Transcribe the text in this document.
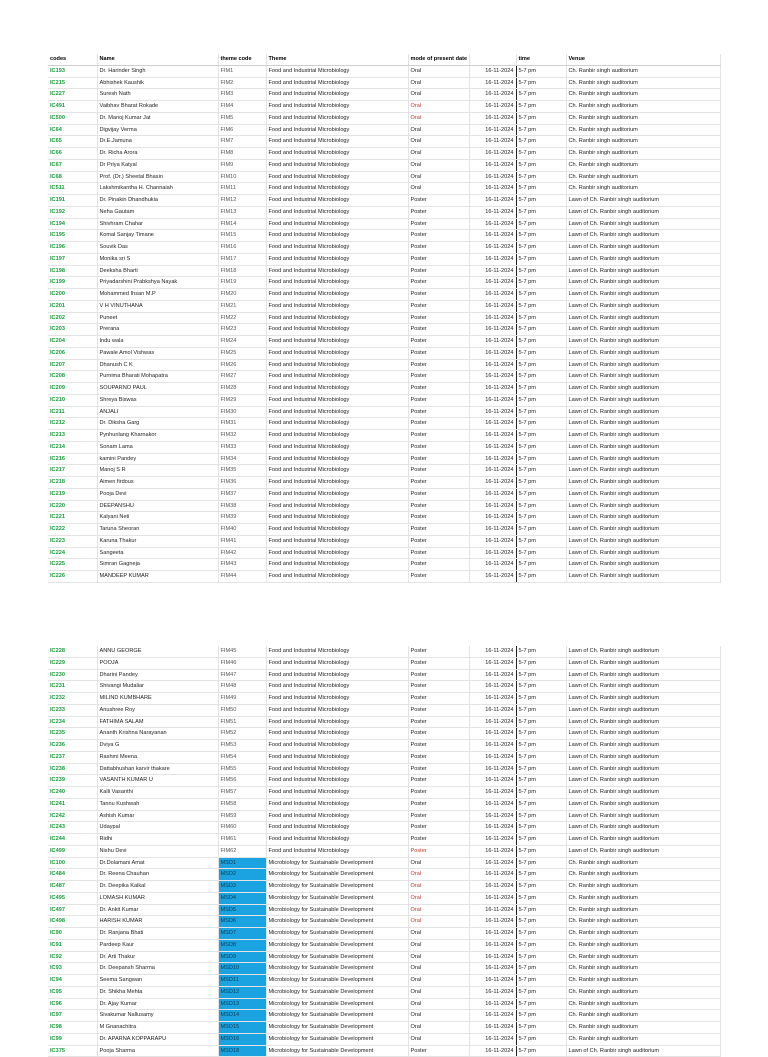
codes	Name	theme code	Theme	mode of present date		time	Venue
IC193	Dr. Harinder Singh	FIM1	Food and Industrial Microbiology	Oral	16-11-2024	5-7 pm	Ch. Ranbir singh auditorium
IC215	Abhishek Kaushik	FIM2	Food and Industrial Microbiology	Oral	16-11-2024	5-7 pm	Ch. Ranbir singh auditorium
IC227	Suresh Nath	FIM3	Food and Industrial Microbiology	Oral	16-11-2024	5-7 pm	Ch. Ranbir singh auditorium
IC491	Vaibhav Bharat Rokade	FIM4	Food and Industrial Microbiology	Oral	16-11-2024	5-7 pm	Ch. Ranbir singh auditorium
IC500	Dr. Manoj Kumar Jat	FIM5	Food and Industrial Microbiology	Oral	16-11-2024	5-7 pm	Ch. Ranbir singh auditorium
IC64	Digvijay Verma	FIM6	Food and Industrial Microbiology	Oral	16-11-2024	5-7 pm	Ch. Ranbir singh auditorium
IC65	Dr.E.Jamuna	FIM7	Food and Industrial Microbiology	Oral	16-11-2024	5-7 pm	Ch. Ranbir singh auditorium
IC66	Dr. Richa Arora	FIM8	Food and Industrial Microbiology	Oral	16-11-2024	5-7 pm	Ch. Ranbir singh auditorium
IC67	Dr Priya Katyal	FIM9	Food and Industrial Microbiology	Oral	16-11-2024	5-7 pm	Ch. Ranbir singh auditorium
IC68	Prof. (Dr.) Sheetal Bhasin	FIM10	Food and Industrial Microbiology	Oral	16-11-2024	5-7 pm	Ch. Ranbir singh auditorium
IC511	Lakshmikantha H. Channaiah	FIM11	Food and Industrial Microbiology	Oral	16-11-2024	5-7 pm	Ch. Ranbir singh auditorium
IC191	Dr. Pinakin Dhandhukia	FIM12	Food and Industrial Microbiology	Poster	16-11-2024	5-7 pm	Lawn of Ch. Ranbir singh auditorium
IC192	Neha Gautam	FIM13	Food and Industrial Microbiology	Poster	16-11-2024	5-7 pm	Lawn of Ch. Ranbir singh auditorium
IC194	Shivhram Chahar	FIM14	Food and Industrial Microbiology	Poster	16-11-2024	5-7 pm	Lawn of Ch. Ranbir singh auditorium
IC195	Komal Sanjay Timane	FIM15	Food and Industrial Microbiology	Poster	16-11-2024	5-7 pm	Lawn of Ch. Ranbir singh auditorium
IC196	Souvik Das	FIM16	Food and Industrial Microbiology	Poster	16-11-2024	5-7 pm	Lawn of Ch. Ranbir singh auditorium
IC197	Monika sri S	FIM17	Food and Industrial Microbiology	Poster	16-11-2024	5-7 pm	Lawn of Ch. Ranbir singh auditorium
IC198	Deeksha Bharti	FIM18	Food and Industrial Microbiology	Poster	16-11-2024	5-7 pm	Lawn of Ch. Ranbir singh auditorium
IC199	Priyadarshini Prabkshya Nayak	FIM19	Food and Industrial Microbiology	Poster	16-11-2024	5-7 pm	Lawn of Ch. Ranbir singh auditorium
IC200	Mohammed Ihsan M.P	FIM20	Food and Industrial Microbiology	Poster	16-11-2024	5-7 pm	Lawn of Ch. Ranbir singh auditorium
IC201	V H VINUTHANA	FIM21	Food and Industrial Microbiology	Poster	16-11-2024	5-7 pm	Lawn of Ch. Ranbir singh auditorium
IC202	Puneet	FIM22	Food and Industrial Microbiology	Poster	16-11-2024	5-7 pm	Lawn of Ch. Ranbir singh auditorium
IC203	Prerana	FIM23	Food and Industrial Microbiology	Poster	16-11-2024	5-7 pm	Lawn of Ch. Ranbir singh auditorium
IC204	Indu wala	FIM24	Food and Industrial Microbiology	Poster	16-11-2024	5-7 pm	Lawn of Ch. Ranbir singh auditorium
IC206	Pawale Amol Vishwas	FIM25	Food and Industrial Microbiology	Poster	16-11-2024	5-7 pm	Lawn of Ch. Ranbir singh auditorium
IC207	Dhanush C K	FIM26	Food and Industrial Microbiology	Poster	16-11-2024	5-7 pm	Lawn of Ch. Ranbir singh auditorium
IC208	Purnima Bharati Mohapatra	FIM27	Food and Industrial Microbiology	Poster	16-11-2024	5-7 pm	Lawn of Ch. Ranbir singh auditorium
IC209	SOUPARNO PAUL	FIM28	Food and Industrial Microbiology	Poster	16-11-2024	5-7 pm	Lawn of Ch. Ranbir singh auditorium
IC210	Shreya Biswas	FIM29	Food and Industrial Microbiology	Poster	16-11-2024	5-7 pm	Lawn of Ch. Ranbir singh auditorium
IC211	ANJALI	FIM30	Food and Industrial Microbiology	Poster	16-11-2024	5-7 pm	Lawn of Ch. Ranbir singh auditorium
IC212	Dr. Diksha Garg	FIM31	Food and Industrial Microbiology	Poster	16-11-2024	5-7 pm	Lawn of Ch. Ranbir singh auditorium
IC213	Pynhunlang Kharnakor	FIM32	Food and Industrial Microbiology	Poster	16-11-2024	5-7 pm	Lawn of Ch. Ranbir singh auditorium
IC214	Sonam Lama	FIM33	Food and Industrial Microbiology	Poster	16-11-2024	5-7 pm	Lawn of Ch. Ranbir singh auditorium
IC216	kamini Pandey	FIM34	Food and Industrial Microbiology	Poster	16-11-2024	5-7 pm	Lawn of Ch. Ranbir singh auditorium
IC217	Manoj S R	FIM35	Food and Industrial Microbiology	Poster	16-11-2024	5-7 pm	Lawn of Ch. Ranbir singh auditorium
IC218	Aimen firdous	FIM36	Food and Industrial Microbiology	Poster	16-11-2024	5-7 pm	Lawn of Ch. Ranbir singh auditorium
IC219	Pooja Devi	FIM37	Food and Industrial Microbiology	Poster	16-11-2024	5-7 pm	Lawn of Ch. Ranbir singh auditorium
IC220	DEEPANSHU	FIM38	Food and Industrial Microbiology	Poster	16-11-2024	5-7 pm	Lawn of Ch. Ranbir singh auditorium
IC221	Kalyani Neti	FIM39	Food and Industrial Microbiology	Poster	16-11-2024	5-7 pm	Lawn of Ch. Ranbir singh auditorium
IC222	Taruna Sheoran	FIM40	Food and Industrial Microbiology	Poster	16-11-2024	5-7 pm	Lawn of Ch. Ranbir singh auditorium
IC223	Karuna Thakur	FIM41	Food and Industrial Microbiology	Poster	16-11-2024	5-7 pm	Lawn of Ch. Ranbir singh auditorium
IC224	Sangeeta	FIM42	Food and Industrial Microbiology	Poster	16-11-2024	5-7 pm	Lawn of Ch. Ranbir singh auditorium
IC225	Simran Gagneja	FIM43	Food and Industrial Microbiology	Poster	16-11-2024	5-7 pm	Lawn of Ch. Ranbir singh auditorium
IC226	MANDEEP KUMAR	FIM44	Food and Industrial Microbiology	Poster	16-11-2024	5-7 pm	Lawn of Ch. Ranbir singh auditorium
IC228	ANNU GEORGE	FIM45	Food and Industrial Microbiology	Poster	16-11-2024	5-7 pm	Lawn of Ch. Ranbir singh auditorium
IC229	POOJA	FIM46	Food and Industrial Microbiology	Poster	16-11-2024	5-7 pm	Lawn of Ch. Ranbir singh auditorium
IC230	Dharini Pandey	FIM47	Food and Industrial Microbiology	Poster	16-11-2024	5-7 pm	Lawn of Ch. Ranbir singh auditorium
IC231	Shivangi Mudaliar	FIM48	Food and Industrial Microbiology	Poster	16-11-2024	5-7 pm	Lawn of Ch. Ranbir singh auditorium
IC232	MILIND KUMBHARE	FIM49	Food and Industrial Microbiology	Poster	16-11-2024	5-7 pm	Lawn of Ch. Ranbir singh auditorium
IC233	Anushree Roy	FIM50	Food and Industrial Microbiology	Poster	16-11-2024	5-7 pm	Lawn of Ch. Ranbir singh auditorium
IC234	FATHIMA SALAM	FIM51	Food and Industrial Microbiology	Poster	16-11-2024	5-7 pm	Lawn of Ch. Ranbir singh auditorium
IC235	Ananth Krishna Narayanan	FIM52	Food and Industrial Microbiology	Poster	16-11-2024	5-7 pm	Lawn of Ch. Ranbir singh auditorium
IC236	Dviya G	FIM53	Food and Industrial Microbiology	Poster	16-11-2024	5-7 pm	Lawn of Ch. Ranbir singh auditorium
IC237	Rashmi Meena	FIM54	Food and Industrial Microbiology	Poster	16-11-2024	5-7 pm	Lawn of Ch. Ranbir singh auditorium
IC238	Dattabhushan karvir thakare	FIM55	Food and Industrial Microbiology	Poster	16-11-2024	5-7 pm	Lawn of Ch. Ranbir singh auditorium
IC239	VASANTH KUMAR U	FIM56	Food and Industrial Microbiology	Poster	16-11-2024	5-7 pm	Lawn of Ch. Ranbir singh auditorium
IC240	Kalli Vasanthi	FIM57	Food and Industrial Microbiology	Poster	16-11-2024	5-7 pm	Lawn of Ch. Ranbir singh auditorium
IC241	Tannu Kushwah	FIM58	Food and Industrial Microbiology	Poster	16-11-2024	5-7 pm	Lawn of Ch. Ranbir singh auditorium
IC242	Ashish Kumar	FIM59	Food and Industrial Microbiology	Poster	16-11-2024	5-7 pm	Lawn of Ch. Ranbir singh auditorium
IC243	Udaypal	FIM60	Food and Industrial Microbiology	Poster	16-11-2024	5-7 pm	Lawn of Ch. Ranbir singh auditorium
IC244	Ridhi	FIM61	Food and Industrial Microbiology	Poster	16-11-2024	5-7 pm	Lawn of Ch. Ranbir singh auditorium
IC499	Nishu Devi	FIM62	Food and Industrial Microbiology	Poster	16-11-2024	5-7 pm	Lawn of Ch. Ranbir singh auditorium
IC100	Dr.Dolamani Amat	MSD1	Microbiology for Sustainable Development	Oral	16-11-2024	5-7 pm	Ch. Ranbir singh auditorium
IC484	Dr. Reena Chauhan	MSD2	Microbiology for Sustainable Development	Oral	16-11-2024	5-7 pm	Ch. Ranbir singh auditorium
IC487	Dr. Deepika Kalkal	MSD3	Microbiology for Sustainable Development	Oral	16-11-2024	5-7 pm	Ch. Ranbir singh auditorium
IC495	LOMASH KUMAR	MSD4	Microbiology for Sustainable Development	Oral	16-11-2024	5-7 pm	Ch. Ranbir singh auditorium
IC497	Dr. Ankit Kumar	MSD5	Microbiology for Sustainable Development	Oral	16-11-2024	5-7 pm	Ch. Ranbir singh auditorium
IC498	HARISH KUMAR	MSD6	Microbiology for Sustainable Development	Oral	16-11-2024	5-7 pm	Ch. Ranbir singh auditorium
IC90	Dr. Ranjana Bhati	MSD7	Microbiology for Sustainable Development	Oral	16-11-2024	5-7 pm	Ch. Ranbir singh auditorium
IC91	Pardeep Kaur	MSD8	Microbiology for Sustainable Development	Oral	16-11-2024	5-7 pm	Ch. Ranbir singh auditorium
IC92	Dr. Arti Thakur	MSD9	Microbiology for Sustainable Development	Oral	16-11-2024	5-7 pm	Ch. Ranbir singh auditorium
IC93	Dr. Deepansh Sharma	MSD10	Microbiology for Sustainable Development	Oral	16-11-2024	5-7 pm	Ch. Ranbir singh auditorium
IC94	Seema Sangwan	MSD11	Microbiology for Sustainable Development	Oral	16-11-2024	5-7 pm	Ch. Ranbir singh auditorium
IC95	Dr. Shikha Mehta	MSD12	Microbiology for Sustainable Development	Oral	16-11-2024	5-7 pm	Ch. Ranbir singh auditorium
IC96	Dr. Ajay Kumar	MSD13	Microbiology for Sustainable Development	Oral	16-11-2024	5-7 pm	Ch. Ranbir singh auditorium
IC97	Sivakumar Nallusamy	MSD14	Microbiology for Sustainable Development	Oral	16-11-2024	5-7 pm	Ch. Ranbir singh auditorium
IC98	M Gnanachitra	MSD15	Microbiology for Sustainable Development	Oral	16-11-2024	5-7 pm	Ch. Ranbir singh auditorium
IC99	Dr. APARNA KOPPARAPU	MSD16	Microbiology for Sustainable Development	Oral	16-11-2024	5-7 pm	Ch. Ranbir singh auditorium
IC375	Pooja Sharma	MSD18	Microbiology for Sustainable Development	Poster	16-11-2024	5-7 pm	Lawn of Ch. Ranbir singh auditorium
